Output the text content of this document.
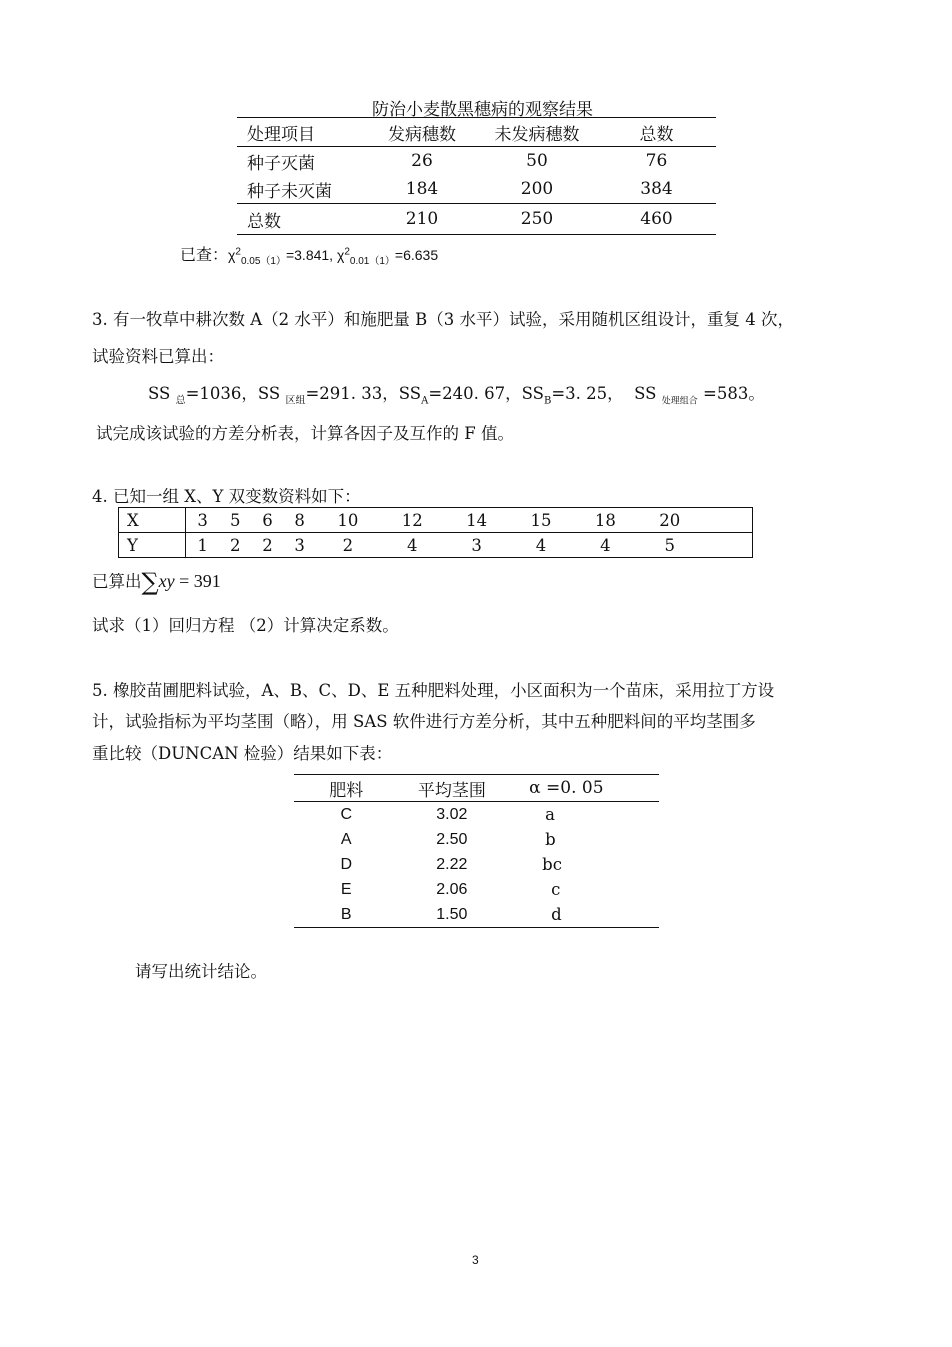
防治小麦散黑穗病的观察结果
处理项目	发病穗数	未发病穗数	总数
种子灭菌	26	50	76
种子未灭菌	184	200	384
总数	210	250	460
已查：$\chi^2_{0.05(1)}=3.841$, $\chi^2_{0.01(1)}=6.635$
3. 有一牧草中耕次数 A（2 水平）和施肥量 B（3 水平）试验，采用随机区组设计，重复 4 次，
试验资料已算出：
SS $_总$=1036，SS $_{区组}$=291. 33，$SS_A=240$. 67，$SS_B=3$. 25， SS $_{处理组合}$ =583。
试完成该试验的方差分析表，计算各因子及互作的 F 值。
4. 已知一组 X、Y 双变数资料如下：
X	3	5	6	8	10	12	14	15	18	20	
Y	1	2	2	3	2	4	3	4	4	5	
已算出∑xy = 391
试求（1）回归方程 （2）计算决定系数。
5. 橡胶苗圃肥料试验，A、B、C、D、E 五种肥料处理，小区面积为一个苗床，采用拉丁方设
计，试验指标为平均茎围（略），用 SAS 软件进行方差分析，其中五种肥料间的平均茎围多
重比较（DUNCAN 检验）结果如下表：
肥料	平均茎围	α =0. 05
C	3.02	a
A	2.50	b
D	2.22	bc
E	2.06	c
B	1.50	d
请写出统计结论。
3
